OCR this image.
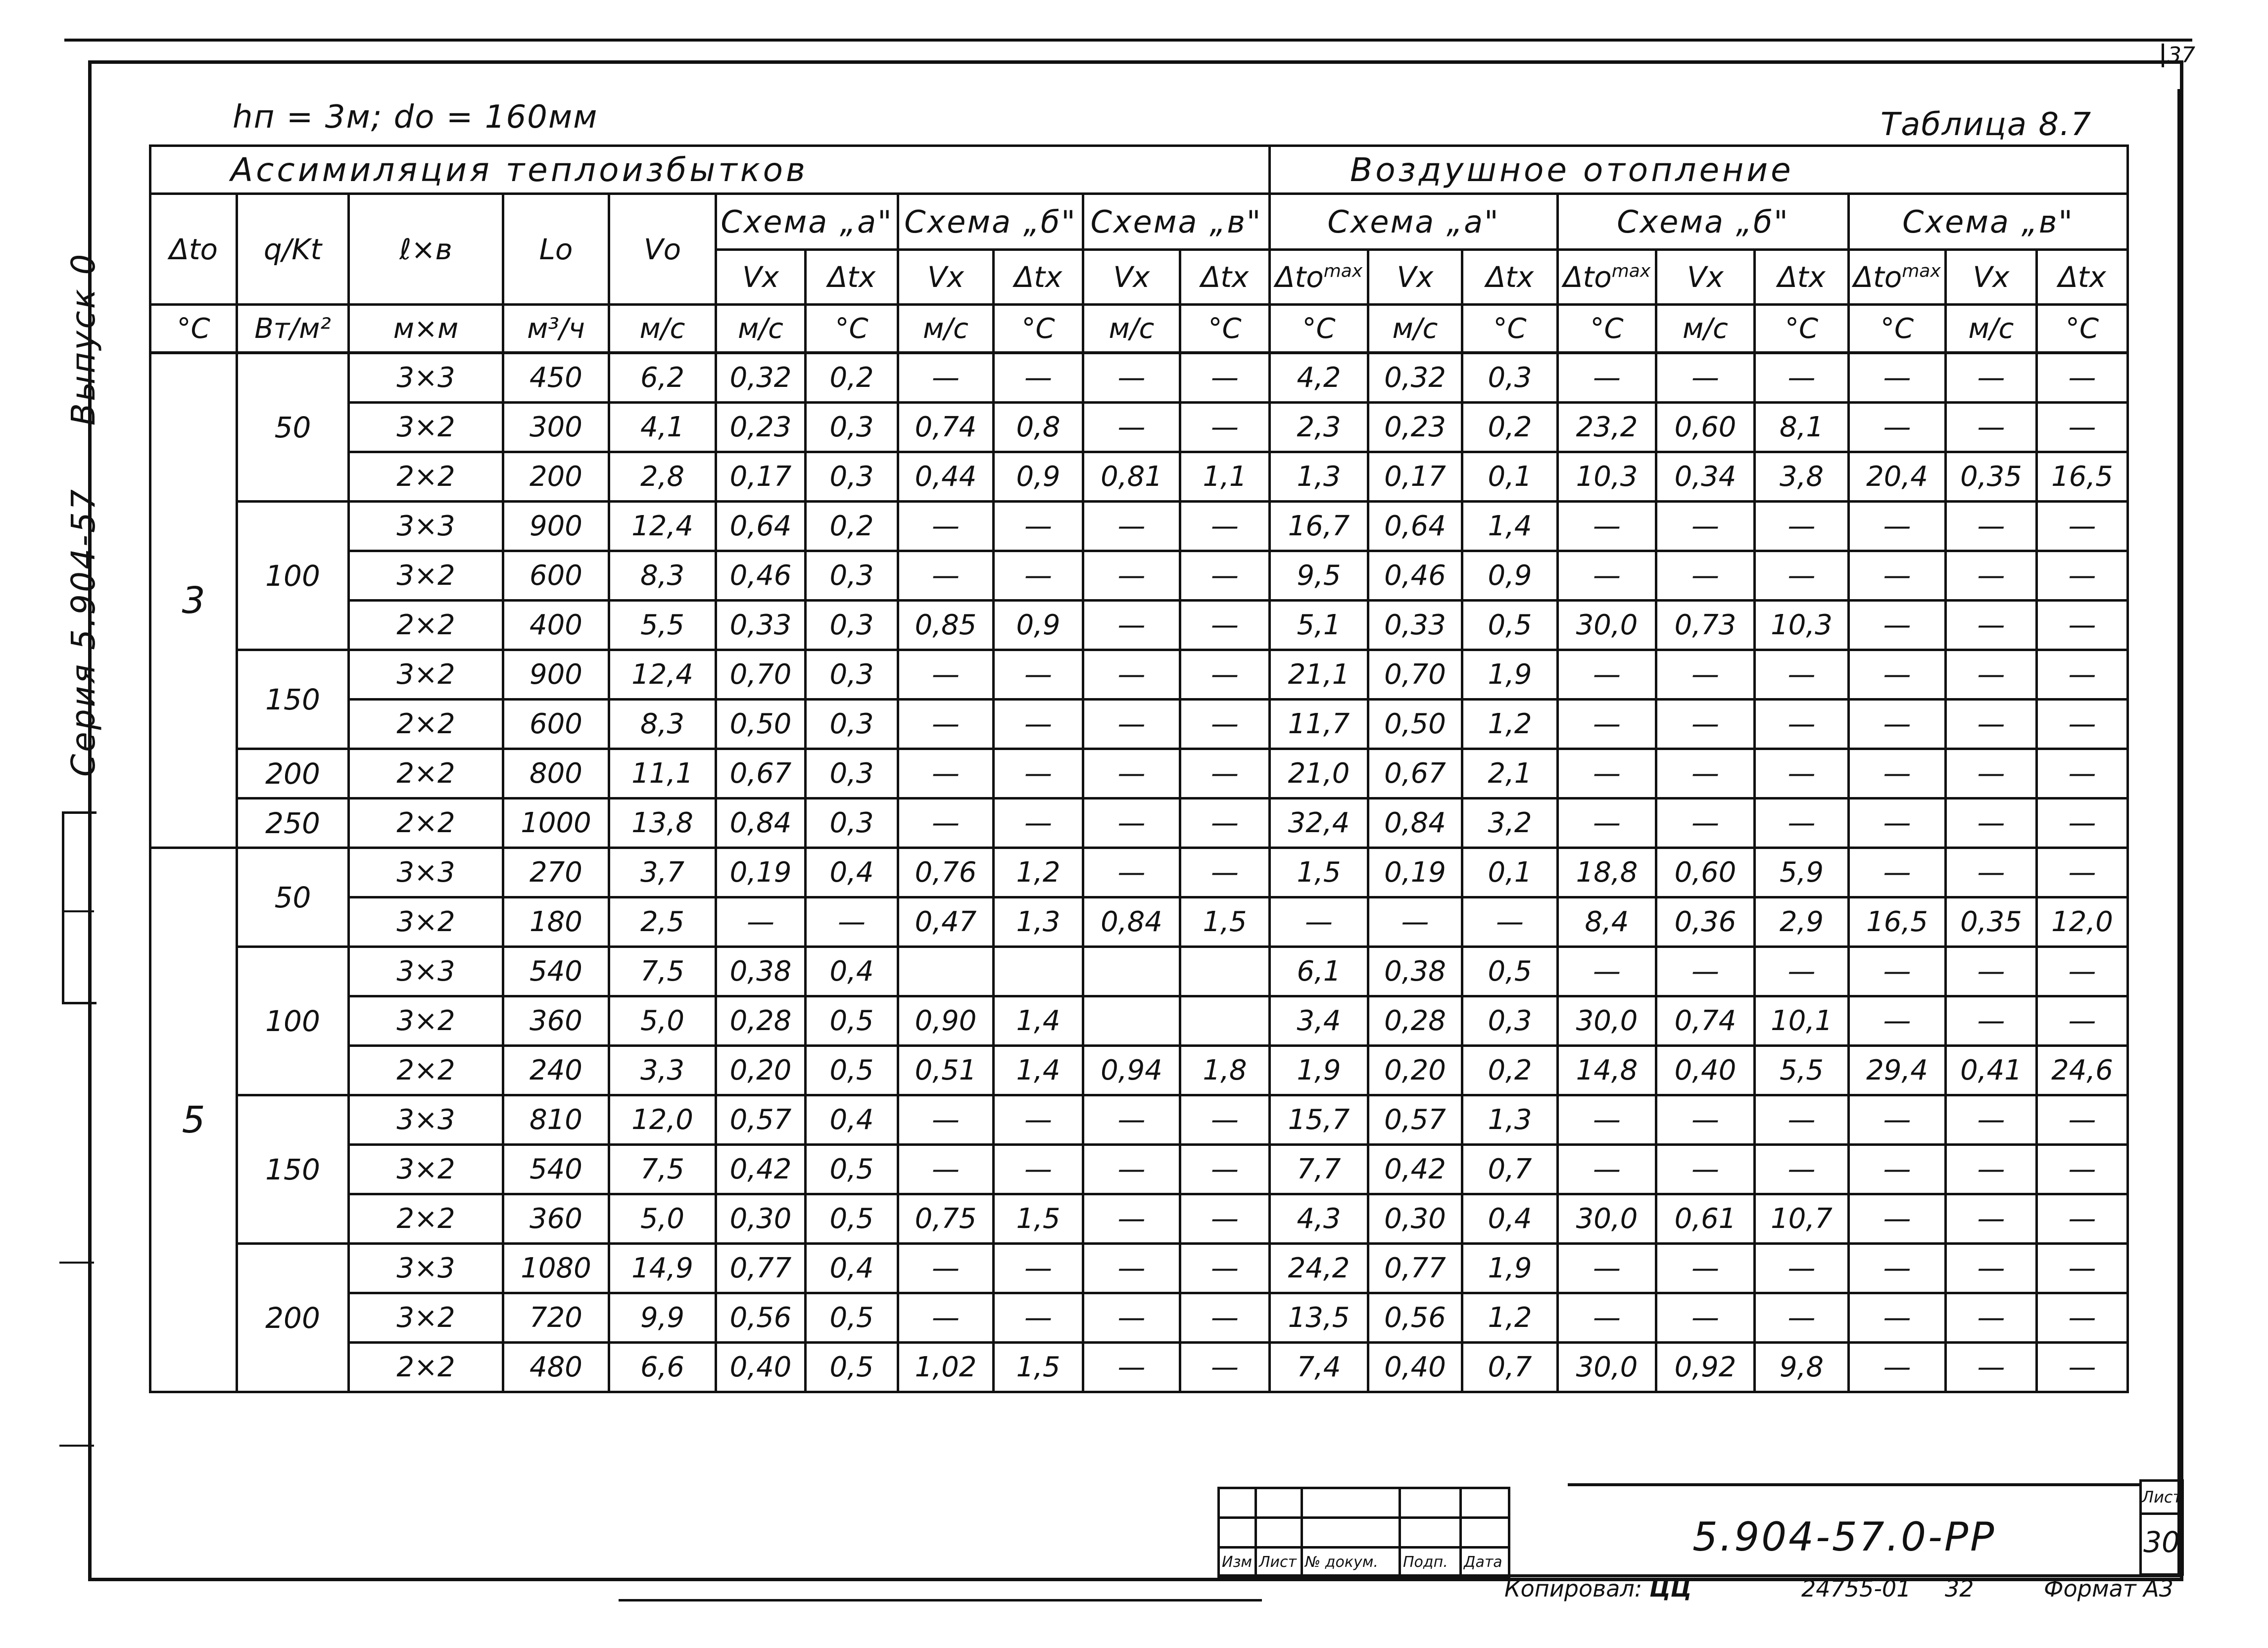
37
Серия 5.904-57     Выпуск 0
hп = 3м; dо = 160мм	Таблица 8.7
Ассимиляция теплоизбытков											Воздушное отопление								
Δto	q/Kt	ℓ×в	Lо	Vо	Схема „а"		Схема „б"		Схема „в"		Схема „а"			Схема „б"			Схема „в"		
					Vx	Δtx	Vx	Δtx	Vx	Δtx	Δto$^{max}$	Vx	Δtx	Δto$^{max}$	Vx	Δtx	Δto$^{max}$	Vx	Δtx
°C	Вт/м²	м×м	м³/ч	м/с	м/с	°C	м/с	°C	м/с	°C	°C	м/с	°C	°C	м/с	°C	°C	м/с	°C
3	50	3×3	450	6,2	0,32	0,2	—	—	—	—	4,2	0,32	0,3	—	—	—	—	—	—
		3×2	300	4,1	0,23	0,3	0,74	0,8	—	—	2,3	0,23	0,2	23,2	0,60	8,1	—	—	—
		2×2	200	2,8	0,17	0,3	0,44	0,9	0,81	1,1	1,3	0,17	0,1	10,3	0,34	3,8	20,4	0,35	16,5
	100	3×3	900	12,4	0,64	0,2	—	—	—	—	16,7	0,64	1,4	—	—	—	—	—	—
		3×2	600	8,3	0,46	0,3	—	—	—	—	9,5	0,46	0,9	—	—	—	—	—	—
		2×2	400	5,5	0,33	0,3	0,85	0,9	—	—	5,1	0,33	0,5	30,0	0,73	10,3	—	—	—
	150	3×2	900	12,4	0,70	0,3	—	—	—	—	21,1	0,70	1,9	—	—	—	—	—	—
		2×2	600	8,3	0,50	0,3	—	—	—	—	11,7	0,50	1,2	—	—	—	—	—	—
	200	2×2	800	11,1	0,67	0,3	—	—	—	—	21,0	0,67	2,1	—	—	—	—	—	—
	250	2×2	1000	13,8	0,84	0,3	—	—	—	—	32,4	0,84	3,2	—	—	—	—	—	—
5	50	3×3	270	3,7	0,19	0,4	0,76	1,2	—	—	1,5	0,19	0,1	18,8	0,60	5,9	—	—	—
		3×2	180	2,5	—	—	0,47	1,3	0,84	1,5	—	—	—	8,4	0,36	2,9	16,5	0,35	12,0
	100	3×3	540	7,5	0,38	0,4					6,1	0,38	0,5	—	—	—	—	—	—
		3×2	360	5,0	0,28	0,5	0,90	1,4			3,4	0,28	0,3	30,0	0,74	10,1	—	—	—
		2×2	240	3,3	0,20	0,5	0,51	1,4	0,94	1,8	1,9	0,20	0,2	14,8	0,40	5,5	29,4	0,41	24,6
	150	3×3	810	12,0	0,57	0,4	—	—	—	—	15,7	0,57	1,3	—	—	—	—	—	—
		3×2	540	7,5	0,42	0,5	—	—	—	—	7,7	0,42	0,7	—	—	—	—	—	—
		2×2	360	5,0	0,30	0,5	0,75	1,5	—	—	4,3	0,30	0,4	30,0	0,61	10,7	—	—	—
	200	3×3	1080	14,9	0,77	0,4	—	—	—	—	24,2	0,77	1,9	—	—	—	—	—	—
		3×2	720	9,9	0,56	0,5	—	—	—	—	13,5	0,56	1,2	—	—	—	—	—	—
		2×2	480	6,6	0,40	0,5	1,02	1,5	—	—	7,4	0,40	0,7	30,0	0,92	9,8	—	—	—

Изм	Лист	№ докум.	Подп.	Дата
5.904-57.0-РР
Лист
30
Копировал: ЦЦ	24755-01 32	Формат А3
